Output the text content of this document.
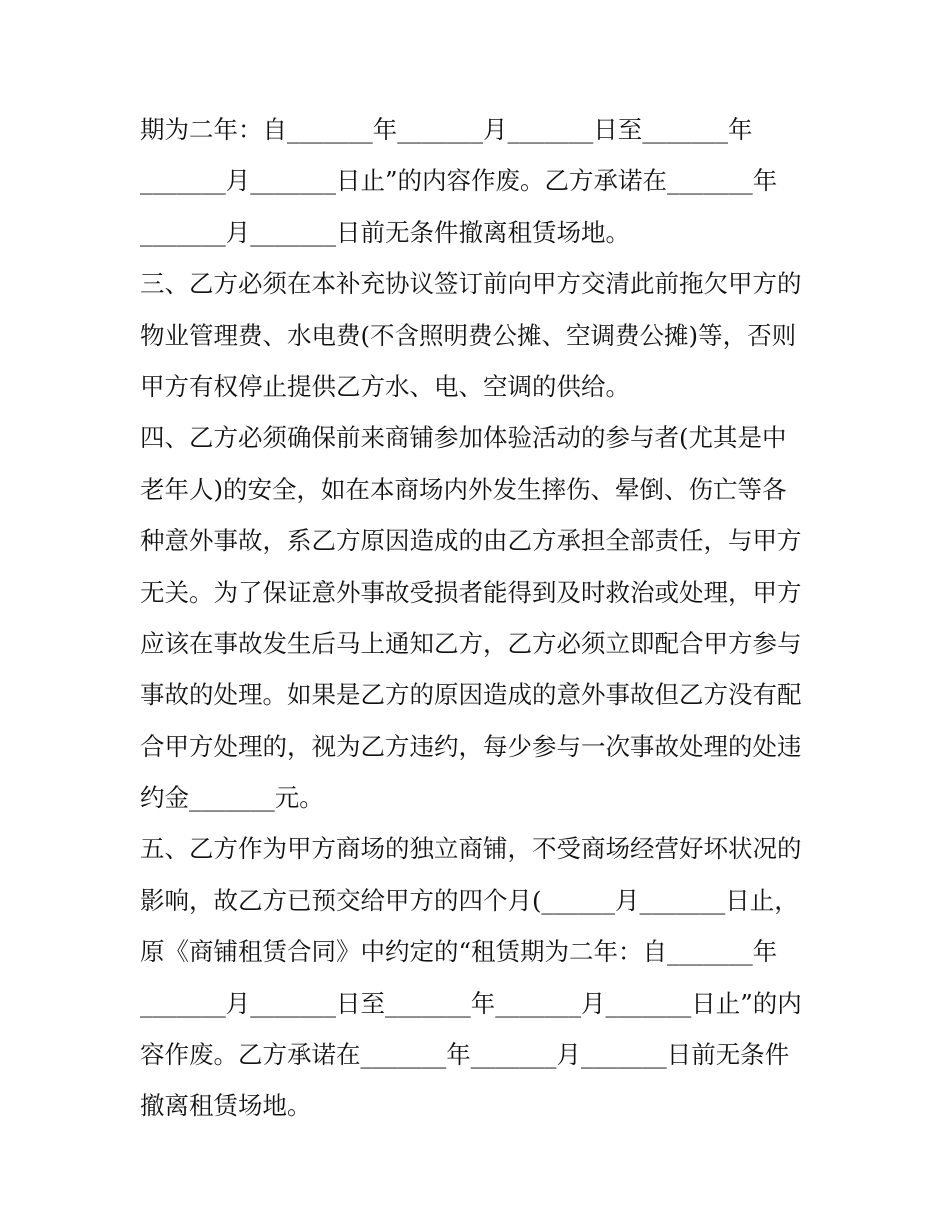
期为二年：自_______年_______月_______日至_______年
_______月_______日止”的内容作废。乙方承诺在_______年
_______月_______日前无条件撤离租赁场地。
三、乙方必须在本补充协议签订前向甲方交清此前拖欠甲方的
物业管理费、水电费(不含照明费公摊、空调费公摊)等，否则
甲方有权停止提供乙方水、电、空调的供给。
四、乙方必须确保前来商铺参加体验活动的参与者(尤其是中
老年人)的安全，如在本商场内外发生摔伤、晕倒、伤亡等各
种意外事故，系乙方原因造成的由乙方承担全部责任，与甲方
无关。为了保证意外事故受损者能得到及时救治或处理，甲方
应该在事故发生后马上通知乙方，乙方必须立即配合甲方参与
事故的处理。如果是乙方的原因造成的意外事故但乙方没有配
合甲方处理的，视为乙方违约，每少参与一次事故处理的处违
约金_______元。
五、乙方作为甲方商场的独立商铺，不受商场经营好坏状况的
影响，故乙方已预交给甲方的四个月(______月_______日止，
原《商铺租赁合同》中约定的“租赁期为二年：自_______年
_______月_______日至_______年_______月_______日止”的内
容作废。乙方承诺在_______年_______月_______日前无条件
撤离租赁场地。
